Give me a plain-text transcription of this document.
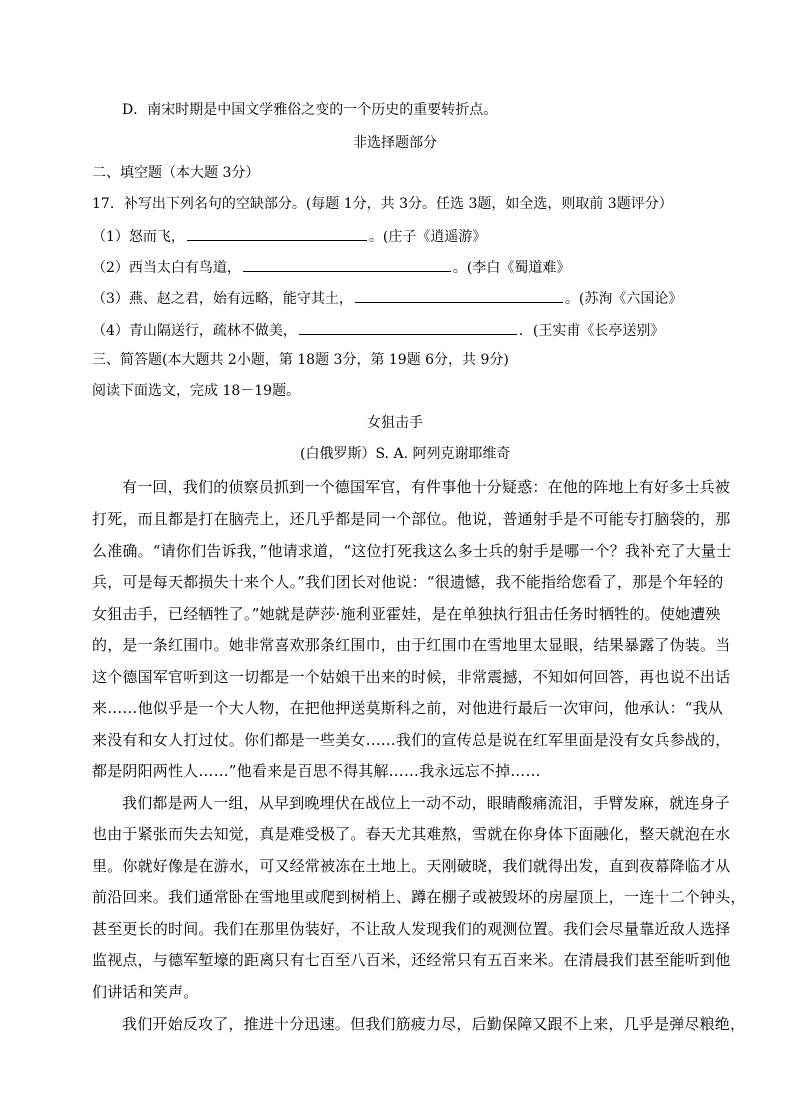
D．南宋时期是中国文学雅俗之变的一个历史的重要转折点。
非选择题部分
二、填空题（本大题 3分）
17．补写出下列名句的空缺部分。(每题 1分，共 3分。任选 3题，如全选，则取前 3题评分）
（1）怒而飞，	。(庄子《逍遥游》
（2）西当太白有鸟道，	。(李白《蜀道难》
（3）燕、赵之君，始有远略，能守其土，	。(苏洵《六国论》
（4）青山隔送行，疏林不做美，	．(王实甫《长亭送别》
三、简答题(本大题共 2小题，第 18题 3分，第 19题 6分，共 9分)
阅读下面选文，完成 18－19题。
女狙击手
(白俄罗斯）S. A. 阿列克谢耶维奇
有一回，我们的侦察员抓到一个德国军官，有件事他十分疑惑：在他的阵地上有好多士兵被
打死，而且都是打在脑壳上，还几乎都是同一个部位。他说，普通射手是不可能专打脑袋的，那
么准确。“请你们告诉我，”他请求道，“这位打死我这么多士兵的射手是哪一个？我补充了大量士
兵，可是每天都损失十来个人。”我们团长对他说：“很遗憾，我不能指给您看了，那是个年轻的
女狙击手，已经牺牲了。”她就是萨莎·施利亚霍娃，是在单独执行狙击任务时牺牲的。使她遭殃
的，是一条红围巾。她非常喜欢那条红围巾，由于红围巾在雪地里太显眼，结果暴露了伪装。当
这个德国军官听到这一切都是一个姑娘干出来的时候，非常震撼，不知如何回答，再也说不出话
来……他似乎是一个大人物，在把他押送莫斯科之前，对他进行最后一次审问，他承认：“我从
来没有和女人打过仗。你们都是一些美女……我们的宣传总是说在红军里面是没有女兵参战的，
都是阴阳两性人……”他看来是百思不得其解……我永远忘不掉……
我们都是两人一组，从早到晚埋伏在战位上一动不动，眼睛酸痛流泪，手臂发麻，就连身子
也由于紧张而失去知觉，真是难受极了。春天尤其难熬，雪就在你身体下面融化，整天就泡在水
里。你就好像是在游水，可又经常被冻在土地上。天刚破晓，我们就得出发，直到夜幕降临才从
前沿回来。我们通常卧在雪地里或爬到树梢上、蹲在棚子或被毁坏的房屋顶上，一连十二个钟头，
甚至更长的时间。我们在那里伪装好，不让敌人发现我们的观测位置。我们会尽量靠近敌人选择
监视点，与德军堑壕的距离只有七百至八百米，还经常只有五百来米。在清晨我们甚至能听到他
们讲话和笑声。
我们开始反攻了，推进十分迅速。但我们筋疲力尽，后勤保障又跟不上来，几乎是弹尽粮绝，
